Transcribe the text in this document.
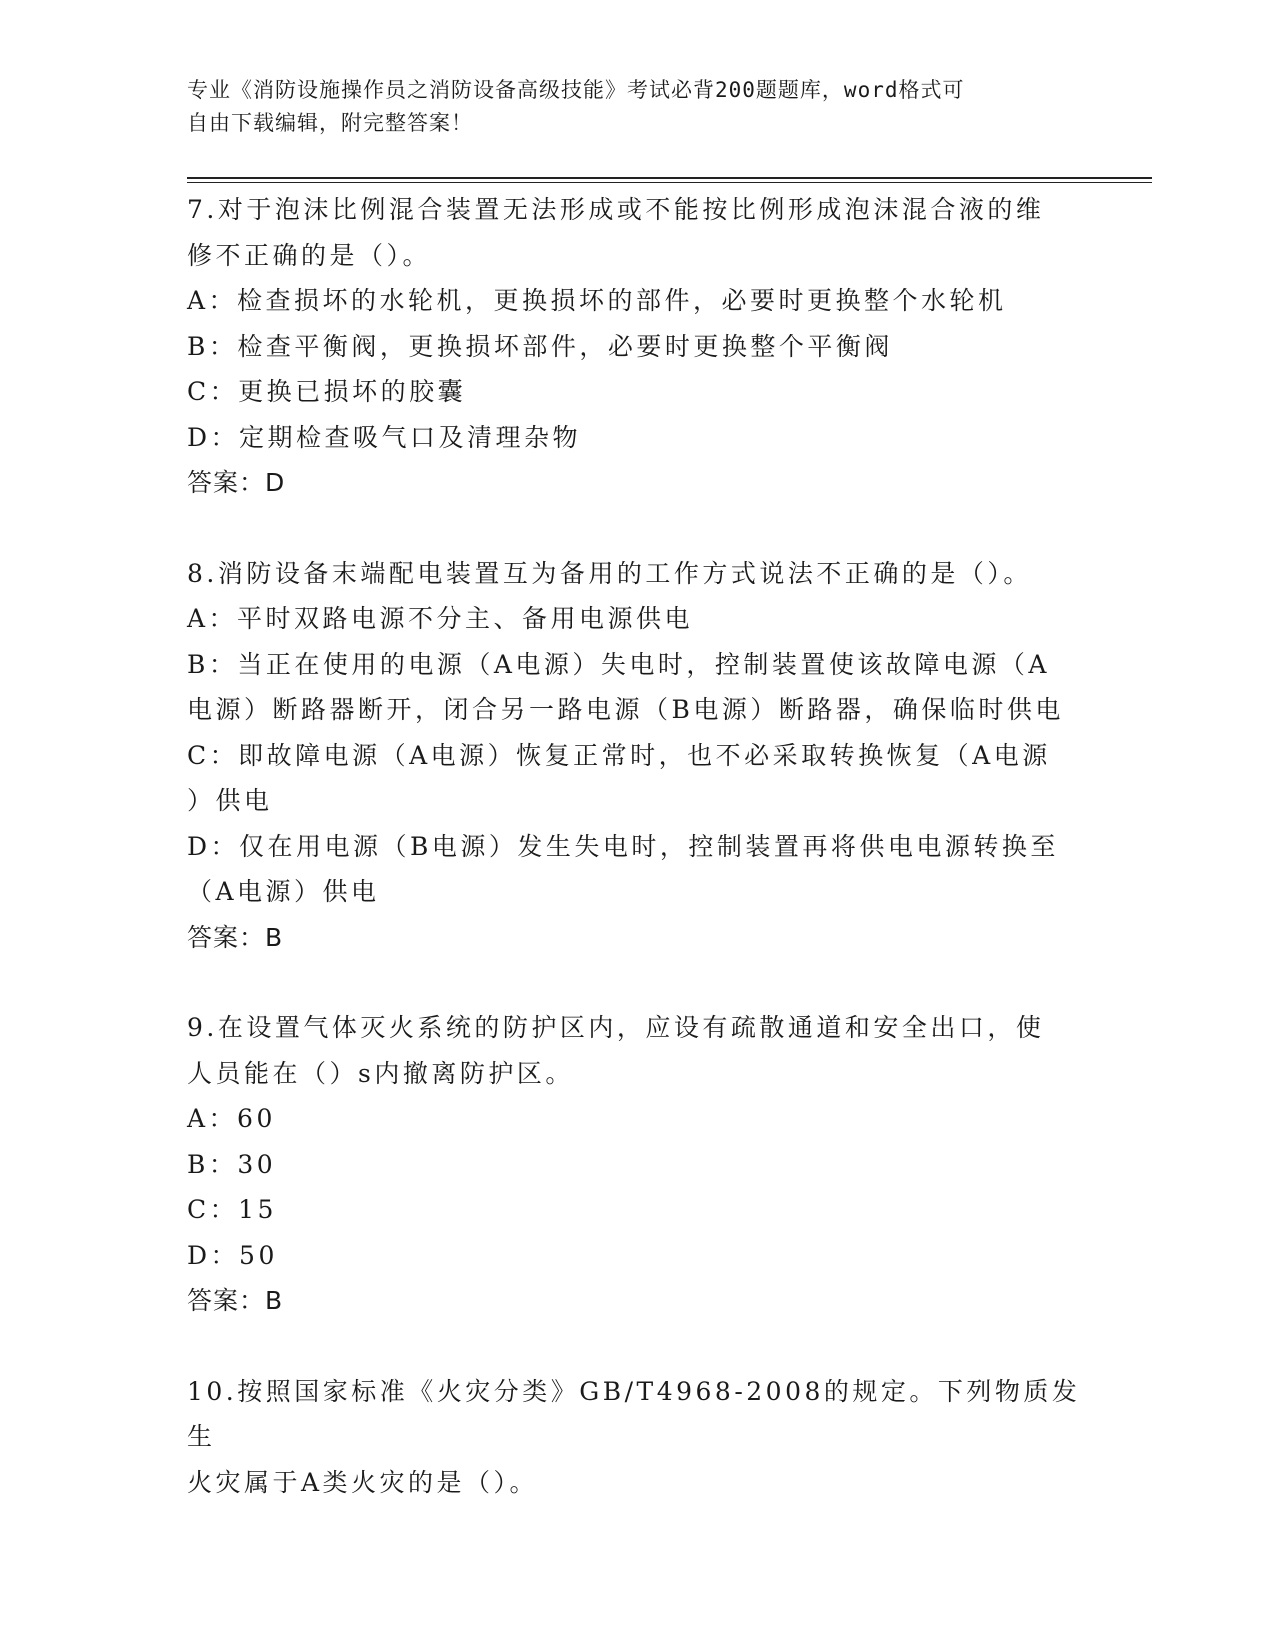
专业《消防设施操作员之消防设备高级技能》考试必背200题题库，word格式可
自由下载编辑，附完整答案！

7.对于泡沫比例混合装置无法形成或不能按比例形成泡沫混合液的维

修不正确的是（）。

A：检查损坏的水轮机，更换损坏的部件，必要时更换整个水轮机

B：检查平衡阀，更换损坏部件，必要时更换整个平衡阀

C：更换已损坏的胶囊

D：定期检查吸气口及清理杂物

答案：D

8.消防设备末端配电装置互为备用的工作方式说法不正确的是（）。

A：平时双路电源不分主、备用电源供电

B：当正在使用的电源（A电源）失电时，控制装置使该故障电源（A

电源）断路器断开，闭合另一路电源（B电源）断路器，确保临时供电

C：即故障电源（A电源）恢复正常时，也不必采取转换恢复（A电源

）供电

D：仅在用电源（B电源）发生失电时，控制装置再将供电电源转换至

（A电源）供电

答案：B

9.在设置气体灭火系统的防护区内，应设有疏散通道和安全出口，使

人员能在（）s内撤离防护区。

A：60

B：30

C：15

D：50

答案：B

10.按照国家标准《火灾分类》GB/T4968-2008的规定。下列物质发生

火灾属于A类火灾的是（）。
